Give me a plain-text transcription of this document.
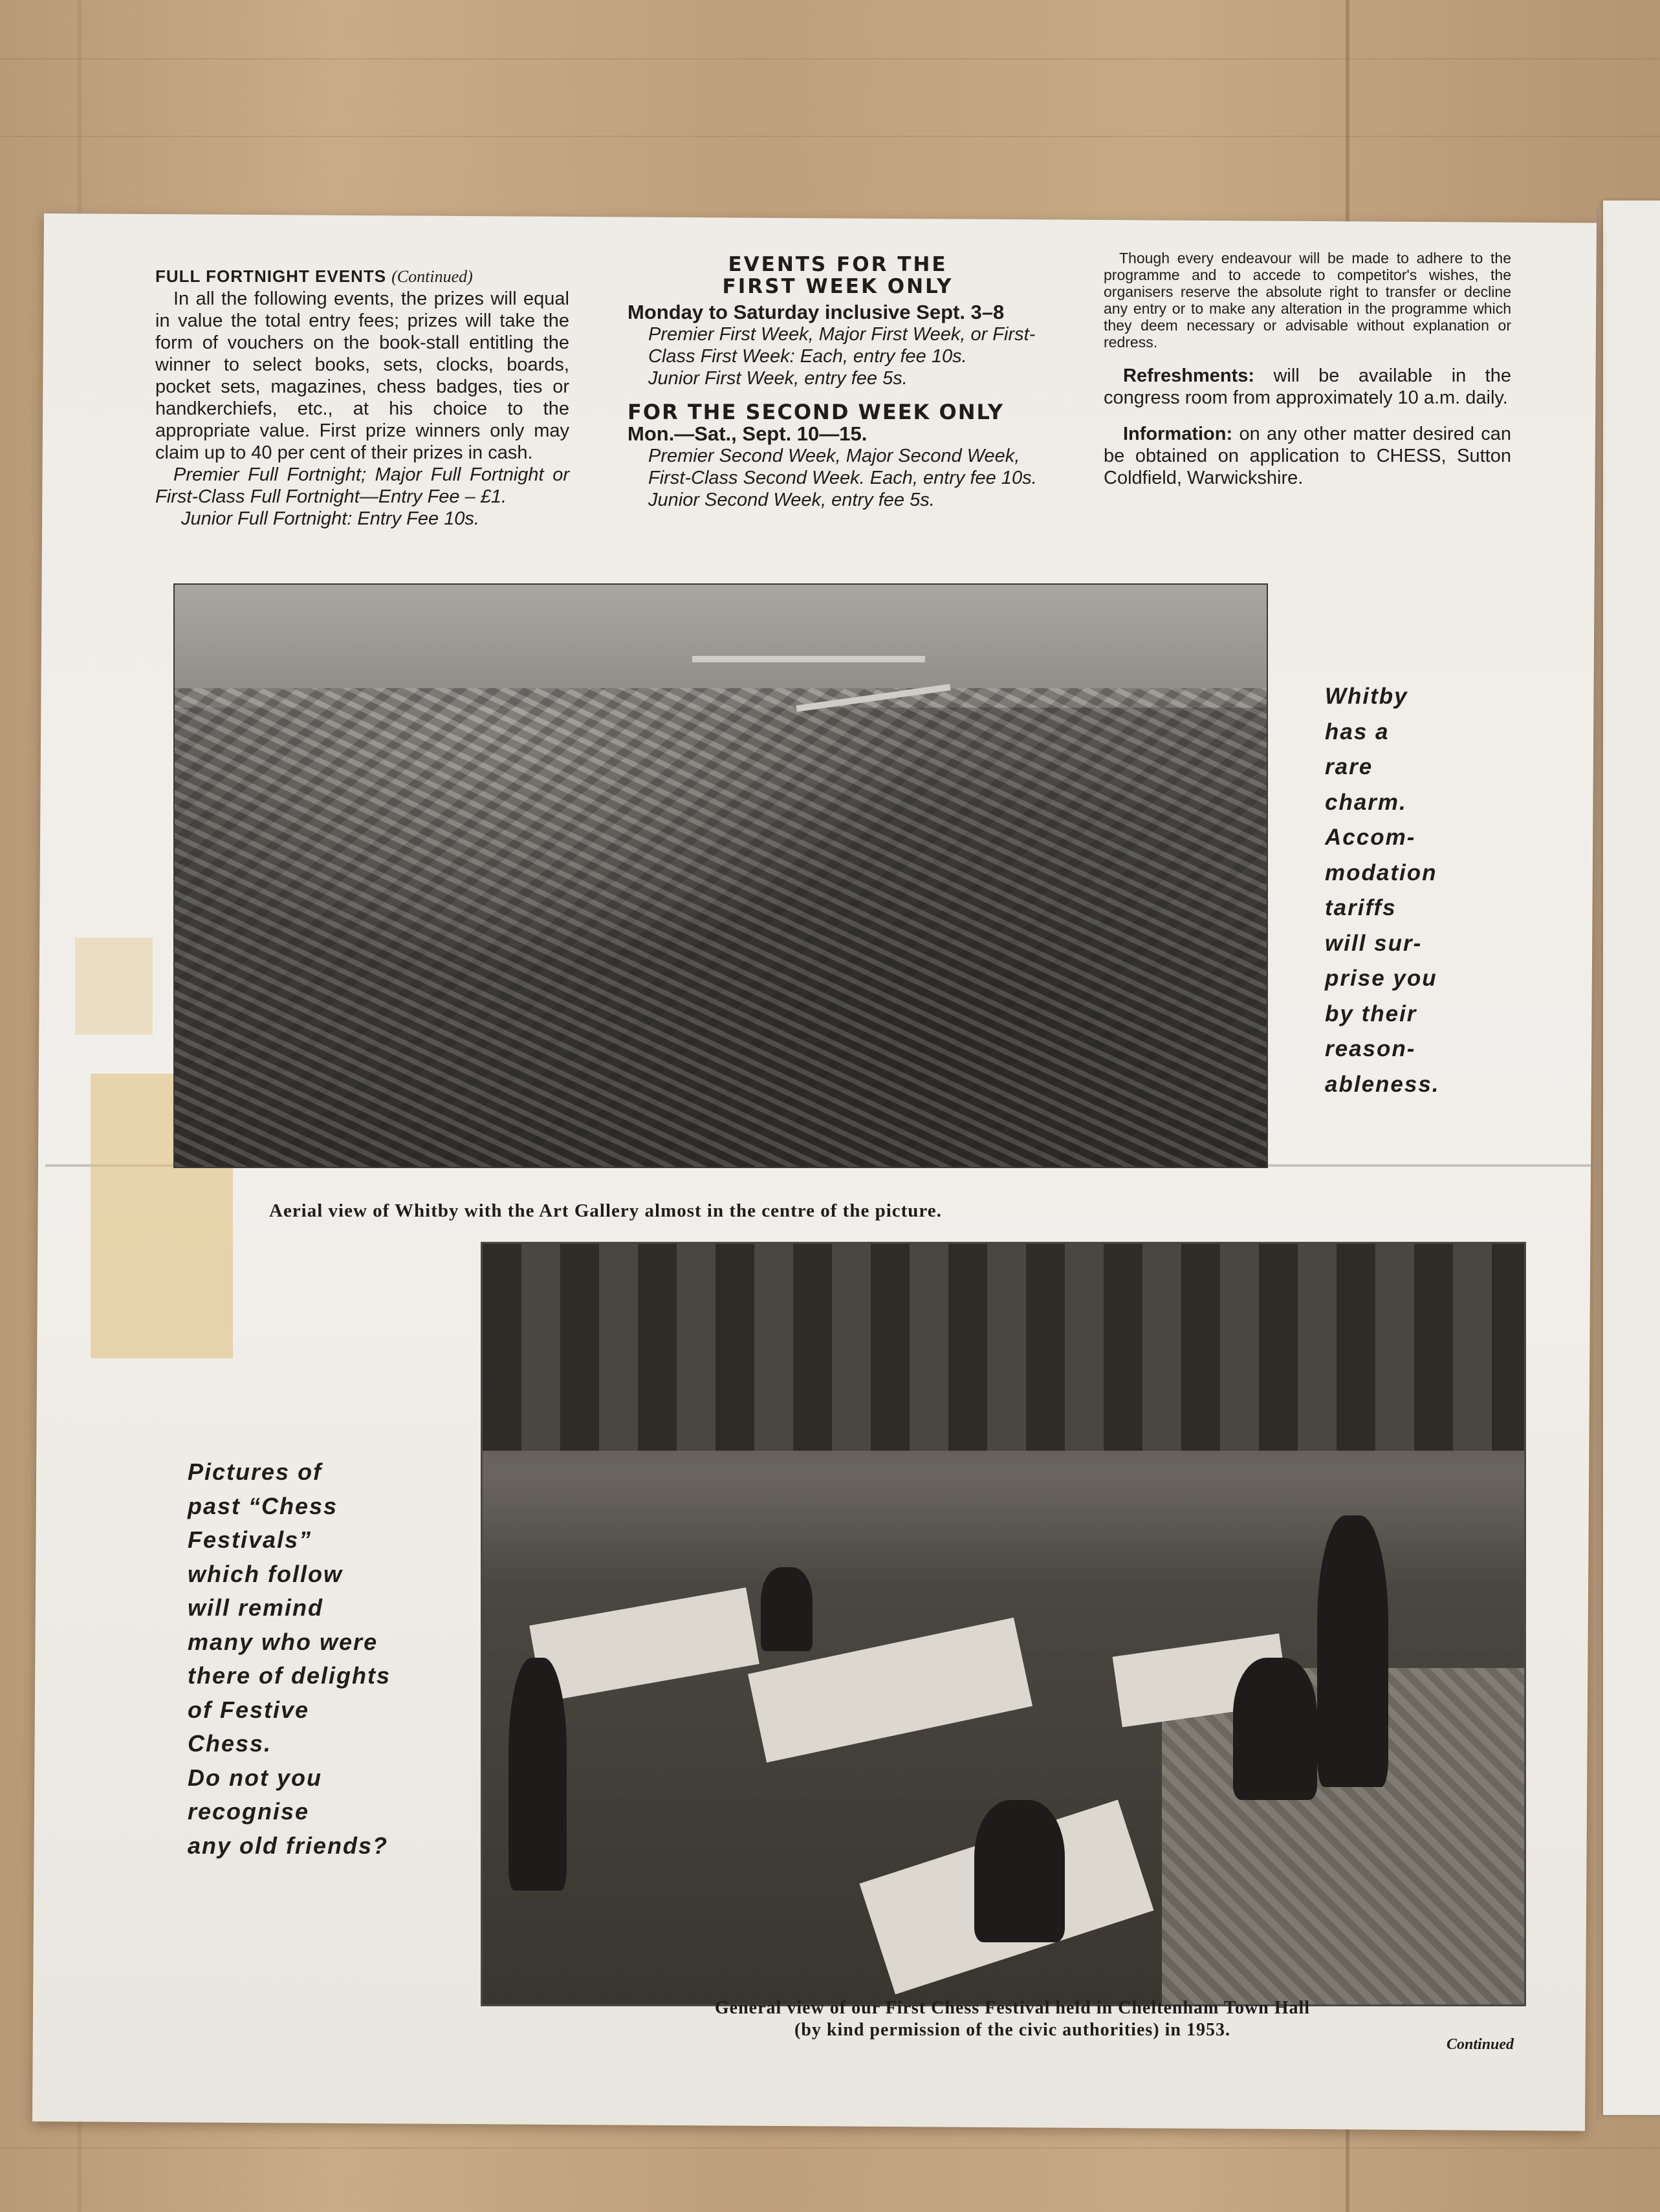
FULL FORTNIGHT EVENTS (Continued)

In all the following events, the prizes will equal in value the total entry fees; prizes will take the form of vouchers on the book-stall entitling the winner to select books, sets, clocks, boards, pocket sets, magazines, chess badges, ties or handkerchiefs, etc., at his choice to the appropriate value. First prize winners only may claim up to 40 per cent of their prizes in cash.

Premier Full Fortnight; Major Full Fortnight or First-Class Full Fortnight—Entry Fee – £1.

Junior Full Fortnight: Entry Fee 10s.

EVENTS FOR THE FIRST WEEK ONLY
Monday to Saturday inclusive Sept. 3–8

Premier First Week, Major First Week, or First-Class First Week: Each, entry fee 10s.

Junior First Week, entry fee 5s.

FOR THE SECOND WEEK ONLY
Mon.—Sat., Sept. 10—15.

Premier Second Week, Major Second Week, First-Class Second Week. Each, entry fee 10s.

Junior Second Week, entry fee 5s.

Though every endeavour will be made to adhere to the programme and to accede to competitor's wishes, the organisers reserve the absolute right to transfer or decline any entry or to make any alteration in the programme which they deem necessary or advisable without explanation or redress.

Refreshments: will be available in the congress room from approximately 10 a.m. daily.

Information: on any other matter desired can be obtained on application to CHESS, Sutton Coldfield, Warwickshire.

Whitby
has a
rare
charm.
Accom-
modation
tariffs
will sur-
prise you
by their
reason-
ableness.
Aerial view of Whitby with the Art Gallery almost in the centre of the picture.
Pictures of
past “Chess
Festivals”
which follow
will remind
many who were
there of delights
of Festive
Chess.
Do not you
recognise
any old friends?
General view of our First Chess Festival held in Cheltenham Town Hall
(by kind permission of the civic authorities) in 1953.
Continued
